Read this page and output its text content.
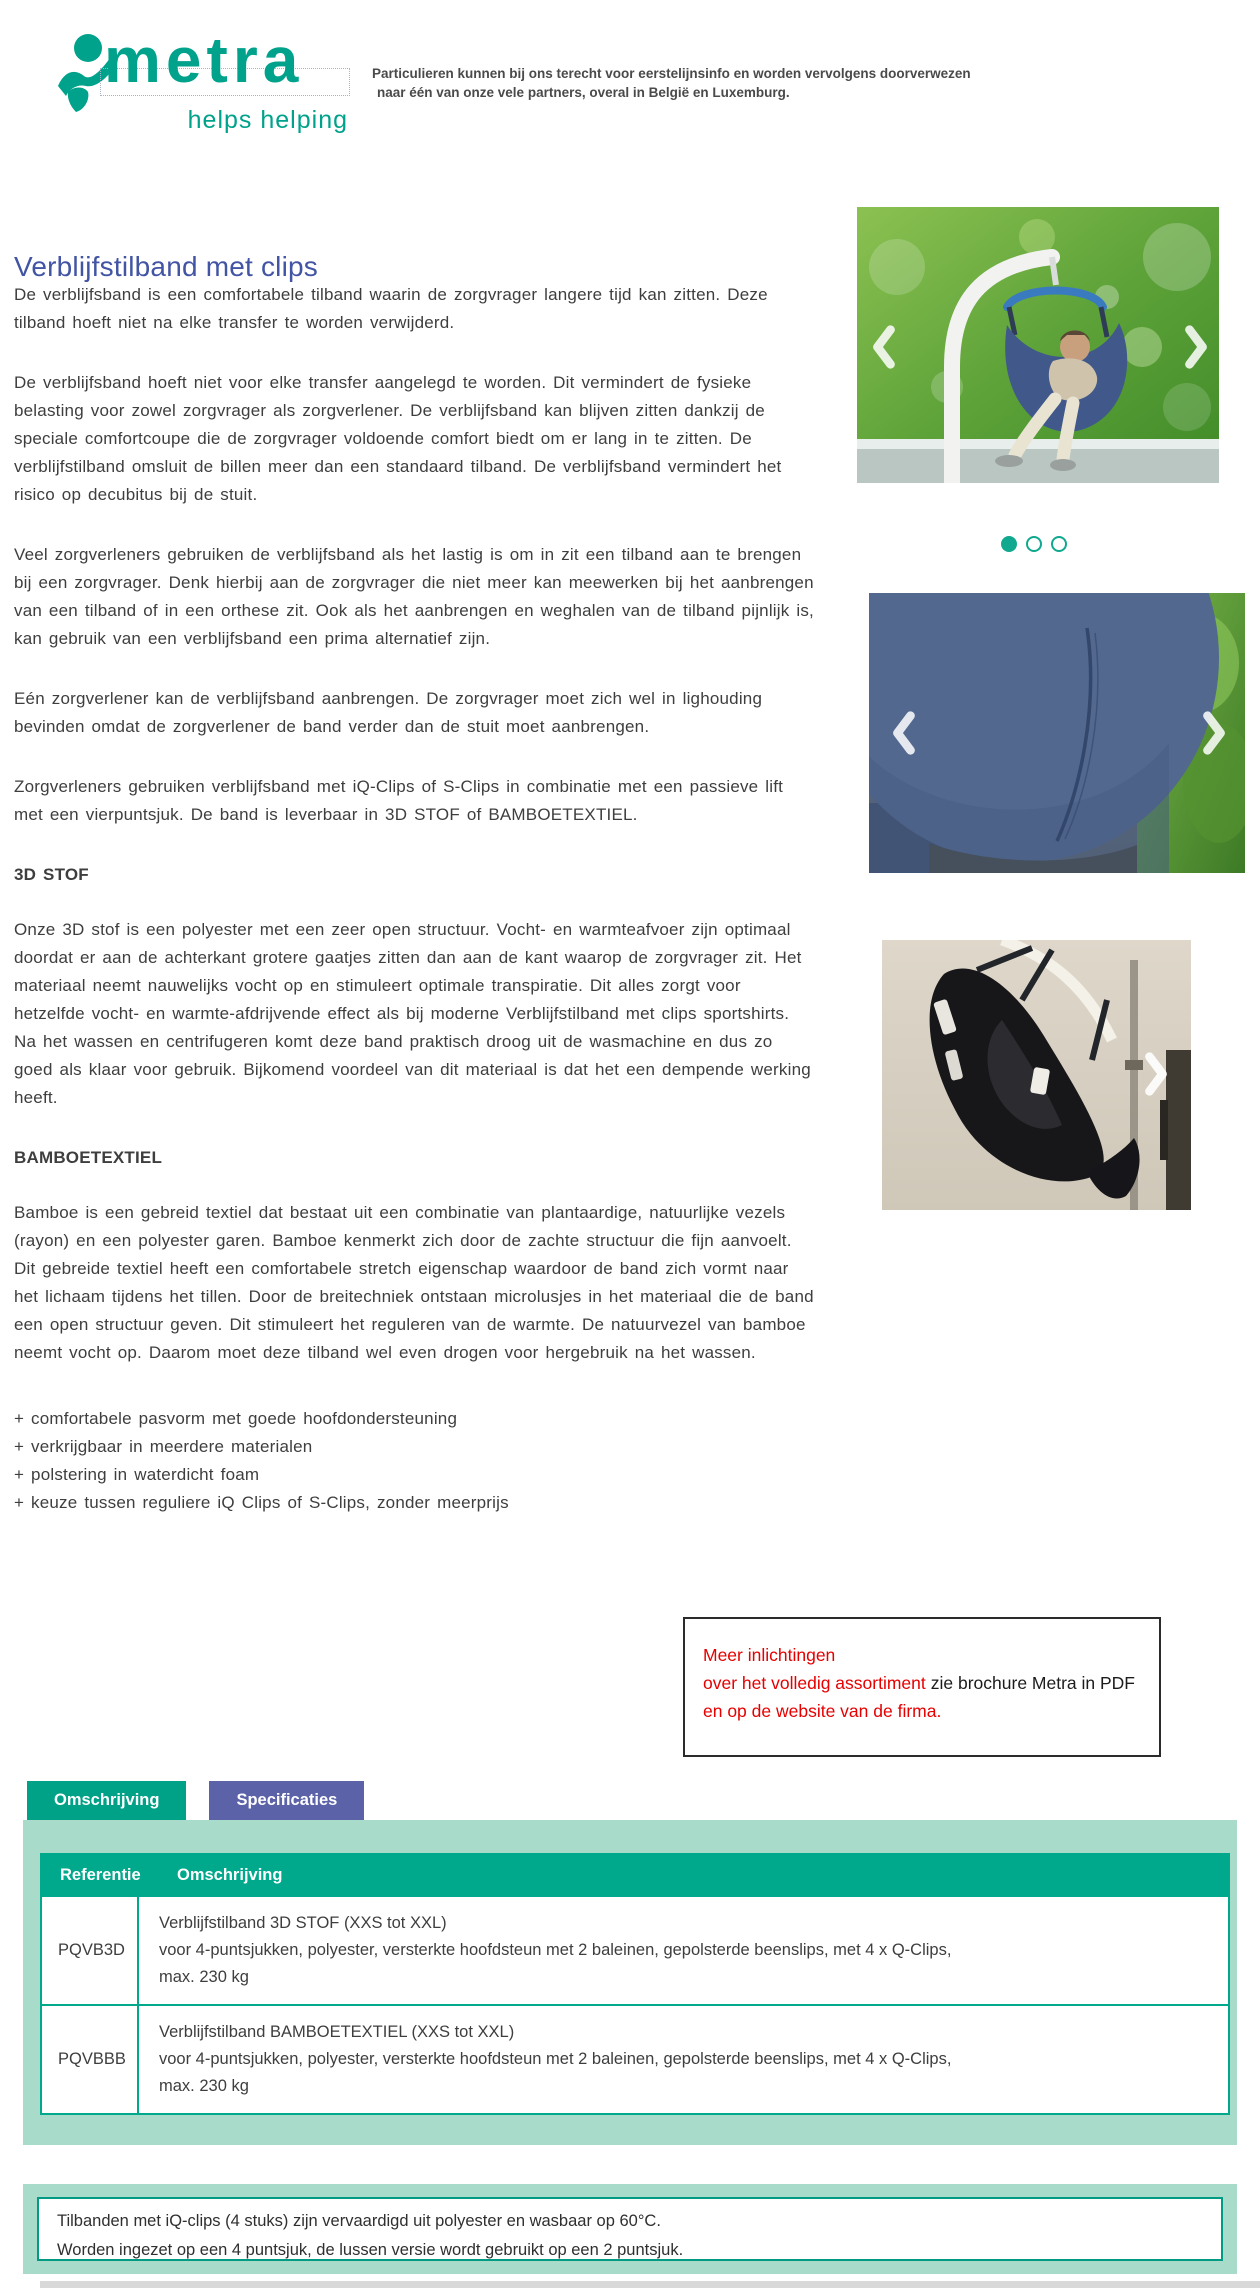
metra
helps helping
Particulieren kunnen bij ons terecht voor eerstelijnsinfo en worden vervolgens doorverwezen
naar één van onze vele partners, overal in België en Luxemburg.
Verblijfstilband met clips

De verblijfsband is een comfortabele tilband waarin de zorgvrager langere tijd kan zitten. Deze tilband hoeft niet na elke transfer te worden verwijderd.

De verblijfsband hoeft niet voor elke transfer aangelegd te worden. Dit vermindert de fysieke belasting voor zowel zorgvrager als zorgverlener. De verblijfsband kan blijven zitten dankzij de speciale comfortcoupe die de zorgvrager voldoende comfort biedt om er lang in te zitten. De verblijfstilband omsluit de billen meer dan een standaard tilband. De verblijfsband vermindert het risico op decubitus bij de stuit.

Veel zorgverleners gebruiken de verblijfsband als het lastig is om in zit een tilband aan te brengen bij een zorgvrager. Denk hierbij aan de zorgvrager die niet meer kan meewerken bij het aanbrengen van een tilband of in een orthese zit. Ook als het aanbrengen en weghalen van de tilband pijnlijk is, kan gebruik van een verblijfsband een prima alternatief zijn.

Eén zorgverlener kan de verblijfsband aanbrengen. De zorgvrager moet zich wel in lighouding bevinden omdat de zorgverlener de band verder dan de stuit moet aanbrengen.

Zorgverleners gebruiken verblijfsband met iQ-Clips of S-Clips in combinatie met een passieve lift met een vierpuntsjuk. De band is leverbaar in 3D STOF of BAMBOETEXTIEL.

3D STOF

Onze 3D stof is een polyester met een zeer open structuur. Vocht- en warmteafvoer zijn optimaal doordat er aan de achterkant grotere gaatjes zitten dan aan de kant waarop de zorgvrager zit. Het materiaal neemt nauwelijks vocht op en stimuleert optimale transpiratie. Dit alles zorgt voor hetzelfde vocht- en warmte-afdrijvende effect als bij moderne Verblijfstilband met clips sportshirts. Na het wassen en centrifugeren komt deze band praktisch droog uit de wasmachine en dus zo goed als klaar voor gebruik. Bijkomend voordeel van dit materiaal is dat het een dempende werking heeft.

BAMBOETEXTIEL

Bamboe is een gebreid textiel dat bestaat uit een combinatie van plantaardige, natuurlijke vezels (rayon) en een polyester garen. Bamboe kenmerkt zich door de zachte structuur die fijn aanvoelt. Dit gebreide textiel heeft een comfortabele stretch eigenschap waardoor de band zich vormt naar het lichaam tijdens het tillen. Door de breitechniek ontstaan microlusjes in het materiaal die de band een open structuur geven. Dit stimuleert het reguleren van de warmte. De natuurvezel van bamboe neemt vocht op. Daarom moet deze tilband wel even drogen voor hergebruik na het wassen.

+ comfortabele pasvorm met goede hoofdondersteuning
+ verkrijgbaar in meerdere materialen
+ polstering in waterdicht foam
+ keuze tussen reguliere iQ Clips of S-Clips, zonder meerprijs
Meer inlichtingen
over het volledig assortiment zie brochure Metra in PDF
en op de website van de firma.
Omschrijving	Specificaties
Referentie	Omschrijving
PQVB3D
Verblijfstilband 3D STOF (XXS tot XXL)
voor 4-puntsjukken, polyester, versterkte hoofdsteun met 2 baleinen, gepolsterde beenslips, met 4 x Q-Clips,
max. 230 kg
PQVBBB
Verblijfstilband BAMBOETEXTIEL (XXS tot XXL)
voor 4-puntsjukken, polyester, versterkte hoofdsteun met 2 baleinen, gepolsterde beenslips, met 4 x Q-Clips,
max. 230 kg
Tilbanden met iQ-clips (4 stuks) zijn vervaardigd uit polyester en wasbaar op 60°C.
Worden ingezet op een 4 puntsjuk, de lussen versie wordt gebruikt op een 2 puntsjuk.
